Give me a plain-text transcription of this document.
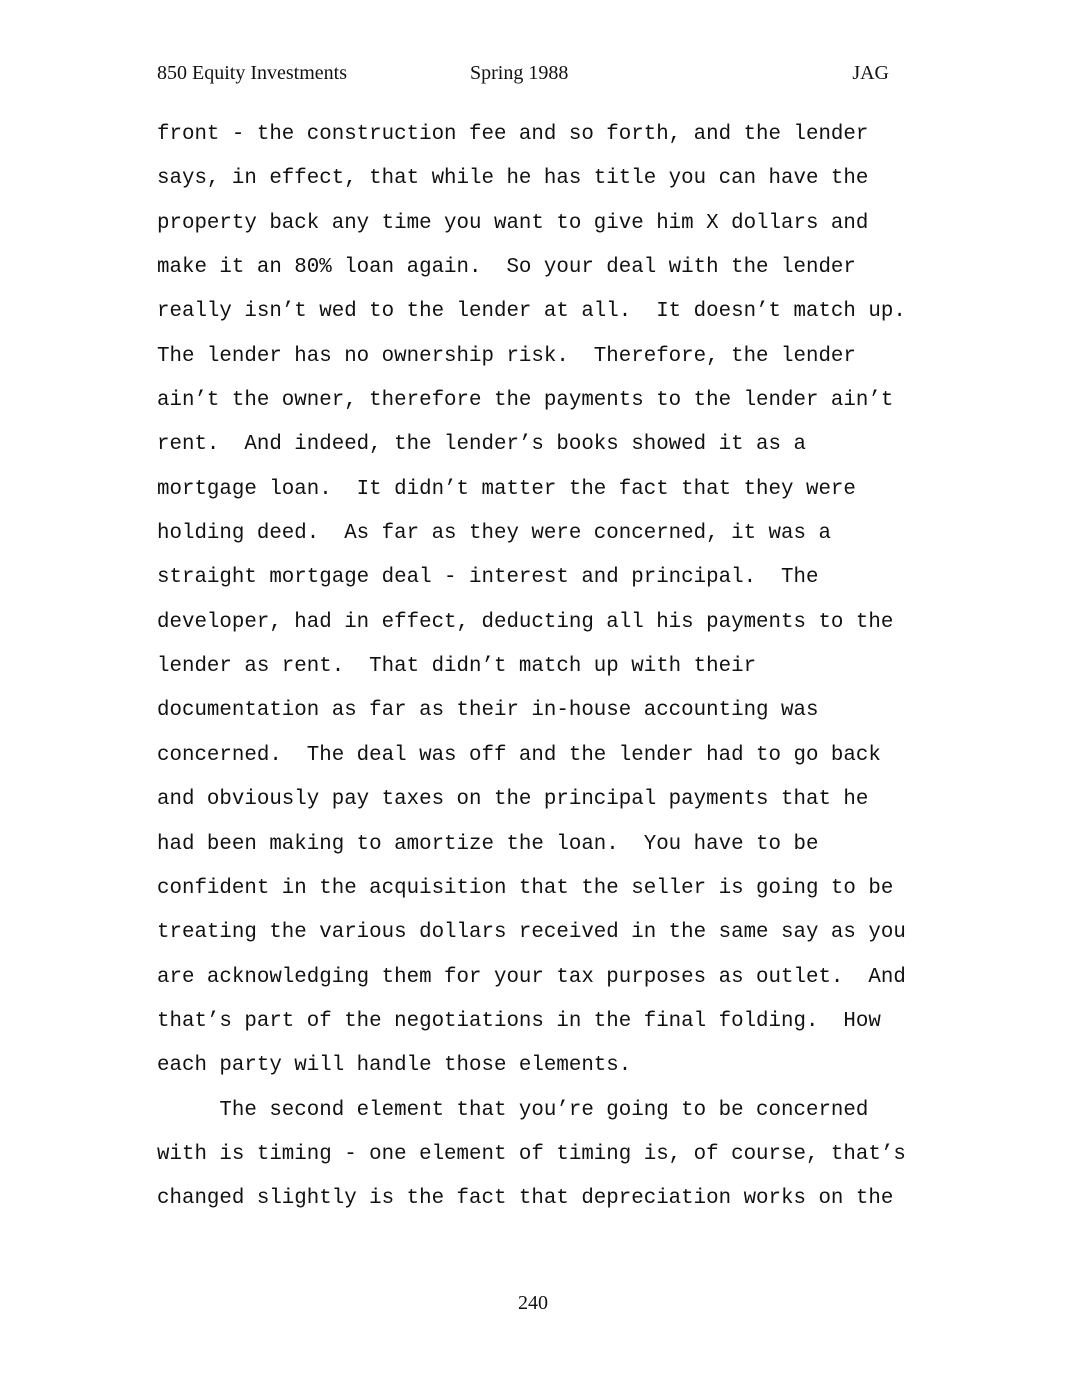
850 Equity Investments	Spring 1988	JAG
front - the construction fee and so forth, and the lender
says, in effect, that while he has title you can have the
property back any time you want to give him X dollars and
make it an 80% loan again.  So your deal with the lender
really isn’t wed to the lender at all.  It doesn’t match up.
The lender has no ownership risk.  Therefore, the lender
ain’t the owner, therefore the payments to the lender ain’t
rent.  And indeed, the lender’s books showed it as a
mortgage loan.  It didn’t matter the fact that they were
holding deed.  As far as they were concerned, it was a
straight mortgage deal - interest and principal.  The
developer, had in effect, deducting all his payments to the
lender as rent.  That didn’t match up with their
documentation as far as their in-house accounting was
concerned.  The deal was off and the lender had to go back
and obviously pay taxes on the principal payments that he
had been making to amortize the loan.  You have to be
confident in the acquisition that the seller is going to be
treating the various dollars received in the same say as you
are acknowledging them for your tax purposes as outlet.  And
that’s part of the negotiations in the final folding.  How
each party will handle those elements.
The second element that you’re going to be concerned
with is timing - one element of timing is, of course, that’s
changed slightly is the fact that depreciation works on the
240
